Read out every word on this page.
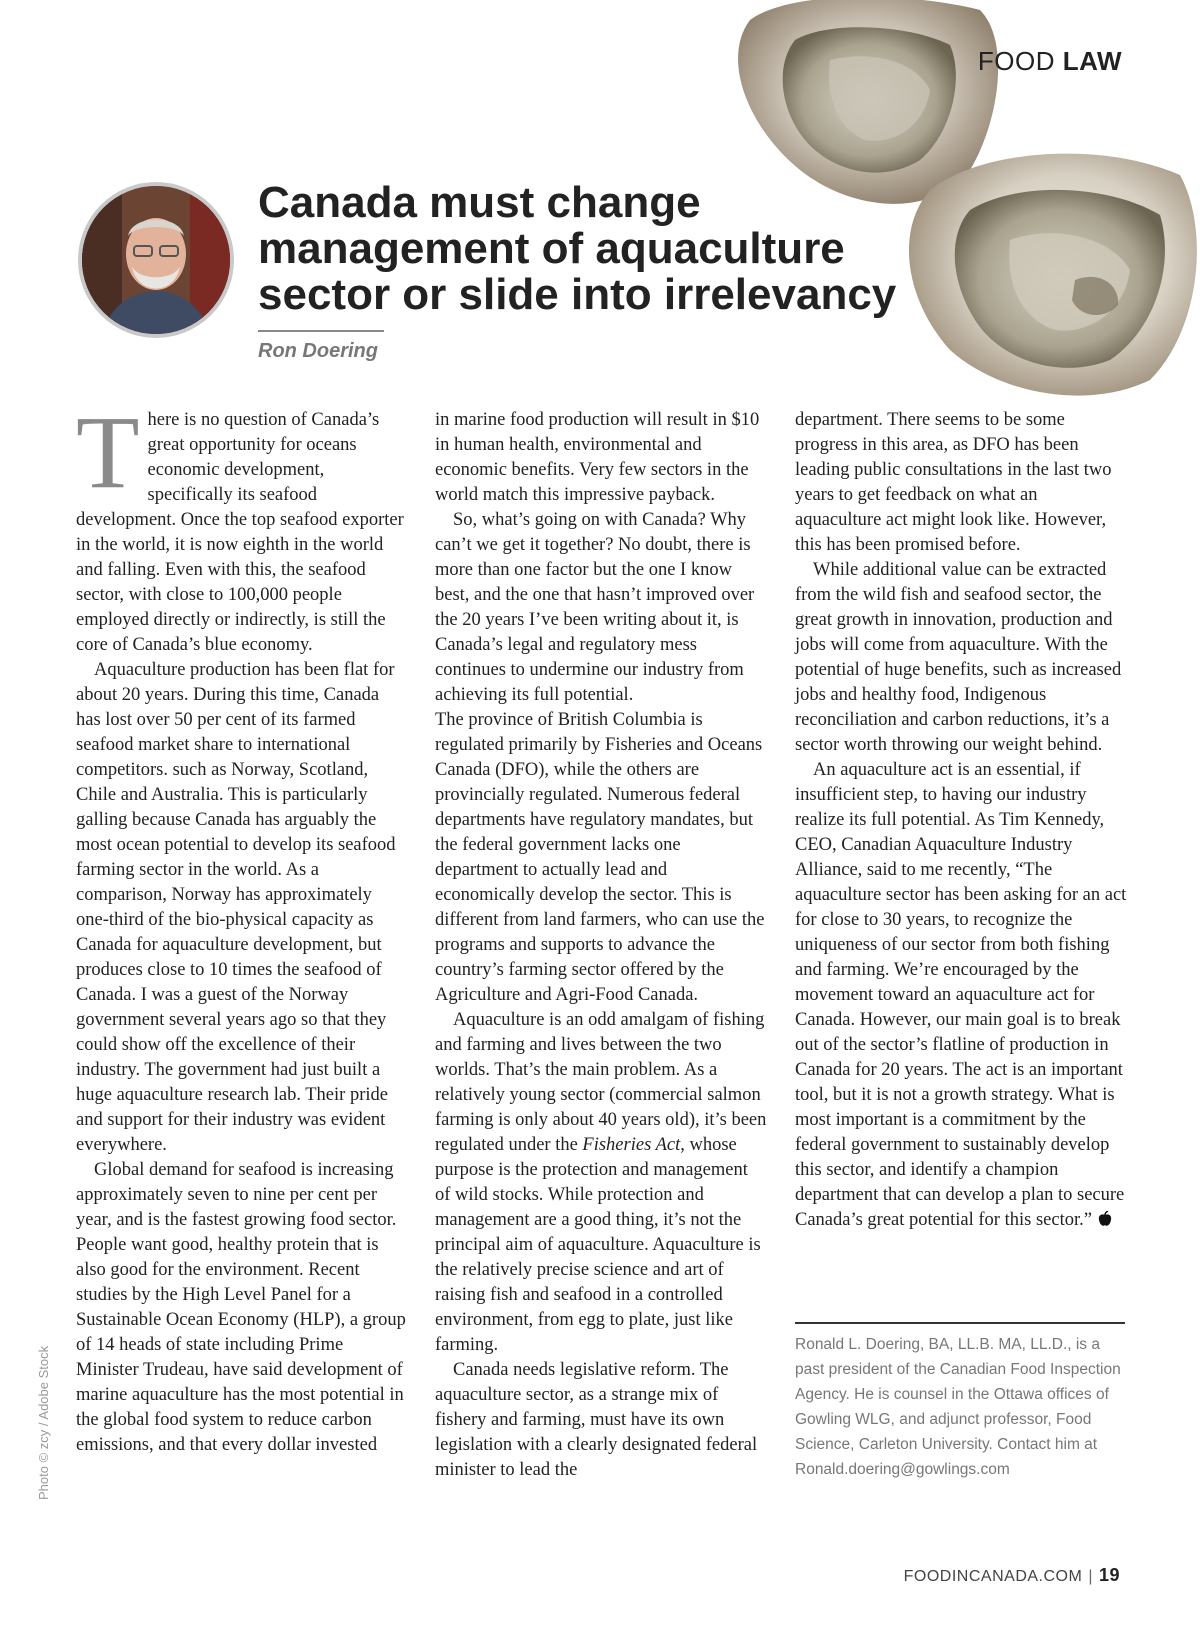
FOOD LAW
Canada must change management of aquaculture sector or slide into irrelevancy
Ron Doering

There is no question of Canada’s great opportunity for oceans economic development, specifically its seafood development. Once the top seafood exporter in the world, it is now eighth in the world and falling. Even with this, the seafood sector, with close to 100,000 people employed directly or indirectly, is still the core of Canada’s blue economy.

Aquaculture production has been flat for about 20 years. During this time, Canada has lost over 50 per cent of its farmed seafood market share to international competitors. such as Norway, Scotland, Chile and Australia. This is particularly galling because Canada has arguably the most ocean potential to develop its seafood farming sector in the world. As a comparison, Norway has approximately one-third of the bio-physical capacity as Canada for aquaculture development, but produces close to 10 times the seafood of Canada. I was a guest of the Norway government several years ago so that they could show off the excellence of their industry. The government had just built a huge aquaculture research lab. Their pride and support for their industry was evident everywhere.

Global demand for seafood is increasing approximately seven to nine per cent per year, and is the fastest growing food sector. People want good, healthy protein that is also good for the environment. Recent studies by the High Level Panel for a Sustainable Ocean Economy (HLP), a group of 14 heads of state including Prime Minister Trudeau, have said development of marine aquaculture has the most potential in the global food system to reduce carbon emissions, and that every dollar invested

in marine food production will result in $10 in human health, environmental and economic benefits. Very few sectors in the world match this impressive payback.

So, what’s going on with Canada? Why can’t we get it together? No doubt, there is more than one factor but the one I know best, and the one that hasn’t improved over the 20 years I’ve been writing about it, is Canada’s legal and regulatory mess continues to undermine our industry from achieving its full potential.

The province of British Columbia is regulated primarily by Fisheries and Oceans Canada (DFO), while the others are provincially regulated. Numerous federal departments have regulatory mandates, but the federal government lacks one department to actually lead and economically develop the sector. This is different from land farmers, who can use the programs and supports to advance the country’s farming sector offered by the Agriculture and Agri-Food Canada.

Aquaculture is an odd amalgam of fishing and farming and lives between the two worlds. That’s the main problem. As a relatively young sector (commercial salmon farming is only about 40 years old), it’s been regulated under the Fisheries Act, whose purpose is the protection and management of wild stocks. While protection and management are a good thing, it’s not the principal aim of aquaculture. Aquaculture is the relatively precise science and art of raising fish and seafood in a controlled environment, from egg to plate, just like farming.

Canada needs legislative reform. The aquaculture sector, as a strange mix of fishery and farming, must have its own legislation with a clearly designated federal minister to lead the

department. There seems to be some progress in this area, as DFO has been leading public consultations in the last two years to get feedback on what an aquaculture act might look like. However, this has been promised before.

While additional value can be extracted from the wild fish and seafood sector, the great growth in innovation, production and jobs will come from aquaculture. With the potential of huge benefits, such as increased jobs and healthy food, Indigenous reconciliation and carbon reductions, it’s a sector worth throwing our weight behind.

An aquaculture act is an essential, if insufficient step, to having our industry realize its full potential. As Tim Kennedy, CEO, Canadian Aquaculture Industry Alliance, said to me recently, “The aquaculture sector has been asking for an act for close to 30 years, to recognize the uniqueness of our sector from both fishing and farming. We’re encouraged by the movement toward an aquaculture act for Canada. However, our main goal is to break out of the sector’s flatline of production in Canada for 20 years. The act is an important tool, but it is not a growth strategy. What is most important is a commitment by the federal government to sustainably develop this sector, and identify a champion department that can develop a plan to secure Canada’s great potential for this sector.”

Ronald L. Doering, BA, LL.B. MA, LL.D., is a past president of the Canadian Food Inspection Agency. He is counsel in the Ottawa offices of Gowling WLG, and adjunct professor, Food Science, Carleton University. Contact him at Ronald.doering@gowlings.com
Photo © zcy / Adobe Stock
FOODINCANADA.COM | 19
